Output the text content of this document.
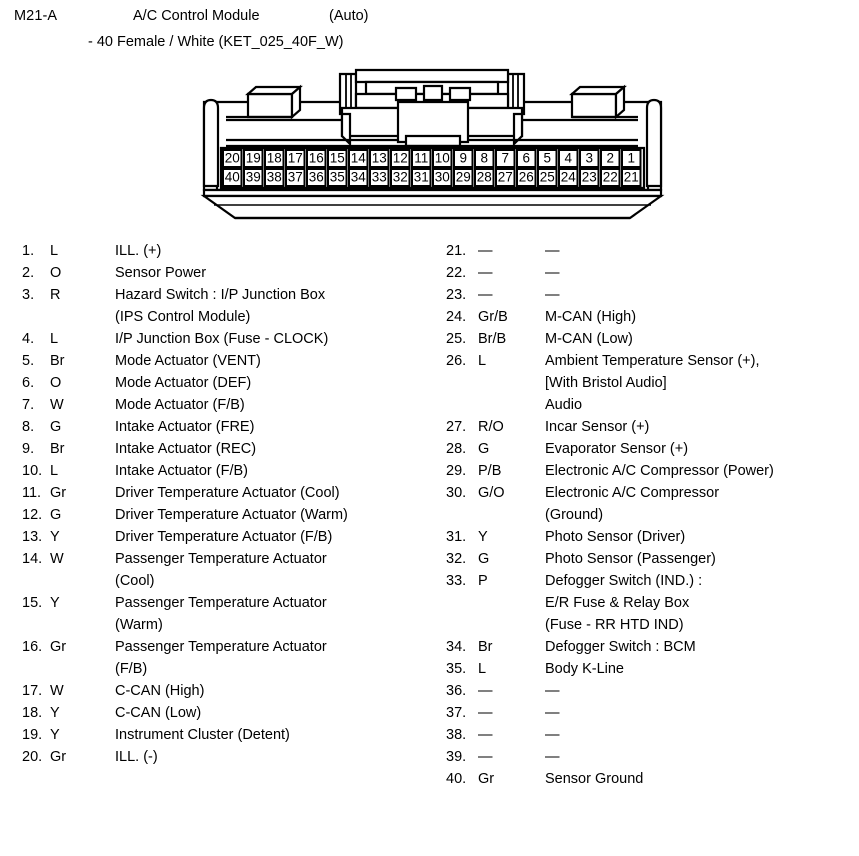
M21-A	A/C Control Module	(Auto)
- 40 Female / White (KET_025_40F_W)
20 19 18 17 16 15 14 13 12 11 10 9 8 7 6 5 4 3 2 1
40 39 38 37 36 35 34 33 32 31 30 29 28 27 26 25 24 23 22 21
1.	L	ILL. (+)
2.	O	Sensor Power
3.	R	Hazard Switch : I/P Junction Box
(IPS Control Module)
4.	L	I/P Junction Box (Fuse - CLOCK)
5.	Br	Mode Actuator (VENT)
6.	O	Mode Actuator (DEF)
7.	W	Mode Actuator (F/B)
8.	G	Intake Actuator (FRE)
9.	Br	Intake Actuator (REC)
10. L	Intake Actuator (F/B)
11. Gr	Driver Temperature Actuator (Cool)
12. G	Driver Temperature Actuator (Warm)
13. Y	Driver Temperature Actuator (F/B)
14. W	Passenger Temperature Actuator
(Cool)
15. Y	Passenger Temperature Actuator
(Warm)
16. Gr	Passenger Temperature Actuator
(F/B)
17. W	C-CAN (High)
18. Y	C-CAN (Low)
19. Y	Instrument Cluster (Detent)
20. Gr	ILL. (-)
21. —	—
22. —	—
23. —	—
24. Gr/B	M-CAN (High)
25. Br/B	M-CAN (Low)
26. L	Ambient Temperature Sensor (+),
[With Bristol Audio]
Audio
27. R/O	Incar Sensor (+)
28. G	Evaporator Sensor (+)
29. P/B	Electronic A/C Compressor (Power)
30. G/O	Electronic A/C Compressor
(Ground)
31. Y	Photo Sensor (Driver)
32. G	Photo Sensor (Passenger)
33. P	Defogger Switch (IND.) :
E/R Fuse & Relay Box
(Fuse - RR HTD IND)
34. Br	Defogger Switch : BCM
35. L	Body K-Line
36. —	—
37. —	—
38. —	—
39. —	—
40. Gr	Sensor Ground
